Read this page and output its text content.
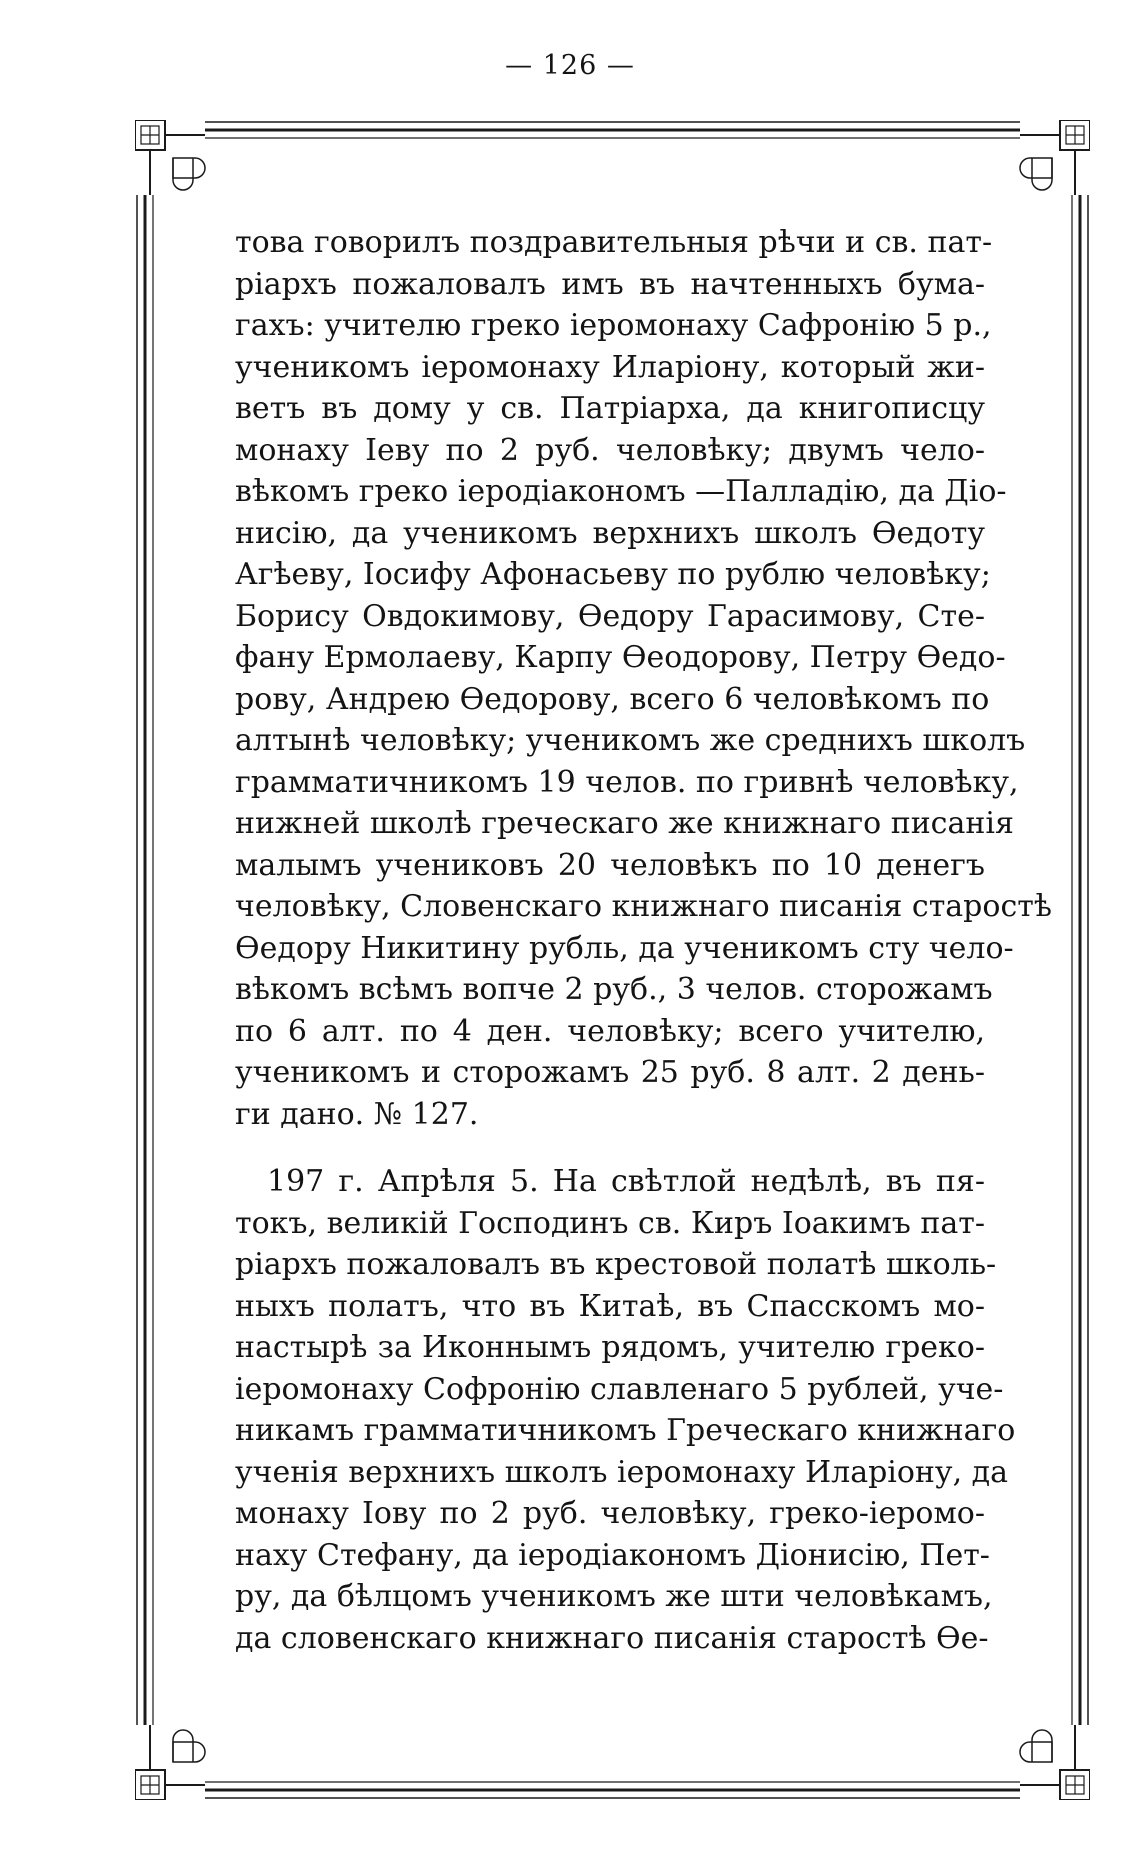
— 126 —
това говорилъ поздравительныя рѣчи и св. пат-
ріархъ пожаловалъ имъ въ начтенныхъ бума-
гахъ: учителю греко іеромонаху Сафронію 5 р.,
ученикомъ іеромонаху Иларіону, который жи-
ветъ въ дому у св. Патріарха, да книгописцу
монаху Іеву по 2 руб. человѣку; двумъ чело-
вѣкомъ греко іеродіакономъ —Палладію, да Діо-
нисію, да ученикомъ верхнихъ школъ Ѳедоту
Агѣеву, Іосифу Афонасьеву по рублю человѣку;
Борису Овдокимову, Ѳедору Гарасимову, Сте-
фану Ермолаеву, Карпу Ѳеодорову, Петру Ѳедо-
рову, Андрею Ѳедорову, всего 6 человѣкомъ по
алтынѣ человѣку; ученикомъ же среднихъ школъ
грамматичникомъ 19 челов. по гривнѣ человѣку,
нижней школѣ греческаго же книжнаго писанія
малымъ учениковъ 20 человѣкъ по 10 денегъ
человѣку, Словенскаго книжнаго писанія старостѣ
Ѳедору Никитину рубль, да ученикомъ сту чело-
вѣкомъ всѣмъ вопче 2 руб., 3 челов. сторожамъ
по 6 алт. по 4 ден. человѣку; всего учителю,
ученикомъ и сторожамъ 25 руб. 8 алт. 2 день-
ги дано. № 127.
197 г. Апрѣля 5. На свѣтлой недѣлѣ, въ пя-
токъ, великій Господинъ св. Киръ Іоакимъ пат-
ріархъ пожаловалъ въ крестовой полатѣ школь-
ныхъ полатъ, что въ Китаѣ, въ Спасскомъ мо-
настырѣ за Иконнымъ рядомъ, учителю греко-
іеромонаху Софронію славленаго 5 рублей, уче-
никамъ грамматичникомъ Греческаго книжнаго
ученія верхнихъ школъ іеромонаху Иларіону, да
монаху Іову по 2 руб. человѣку, греко-іеромо-
наху Стефану, да іеродіакономъ Діонисію, Пет-
ру, да бѣлцомъ ученикомъ же шти человѣкамъ,
да словенскаго книжнаго писанія старостѣ Ѳе-
